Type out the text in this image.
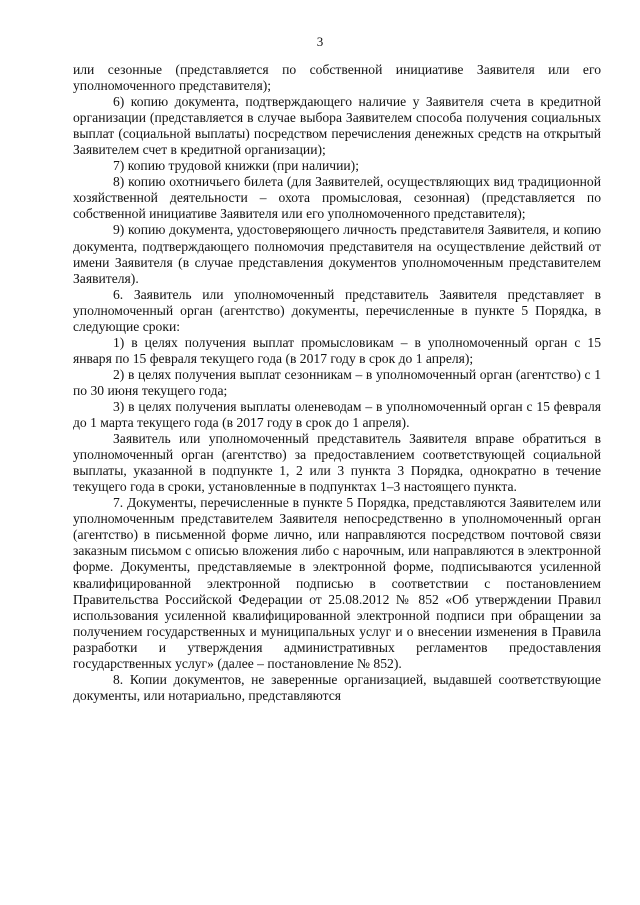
3

или сезонные (представляется по собственной инициативе Заявителя или его уполномоченного представителя);

6) копию документа, подтверждающего наличие у Заявителя счета в кредитной организации (представляется в случае выбора Заявителем способа получения социальных выплат (социальной выплаты) посредством перечисления денежных средств на открытый Заявителем счет в кредитной организации);

7) копию трудовой книжки (при наличии);

8) копию охотничьего билета (для Заявителей, осуществляющих вид традиционной хозяйственной деятельности – охота промысловая, сезонная) (представляется по собственной инициативе Заявителя или его уполномоченного представителя);

9) копию документа, удостоверяющего личность представителя Заявителя, и копию документа, подтверждающего полномочия представителя на осуществление действий от имени Заявителя (в случае представления документов уполномоченным представителем Заявителя).

6. Заявитель или уполномоченный представитель Заявителя представляет в уполномоченный орган (агентство) документы, перечисленные в пункте 5 Порядка, в следующие сроки:

1) в целях получения выплат промысловикам – в уполномоченный орган с 15 января по 15 февраля текущего года (в 2017 году в срок до 1 апреля);

2) в целях получения выплат сезонникам – в уполномоченный орган (агентство) с 1 по 30 июня текущего года;

3) в целях получения выплаты оленеводам – в уполномоченный орган с 15 февраля до 1 марта текущего года (в 2017 году в срок до 1 апреля).

Заявитель или уполномоченный представитель Заявителя вправе обратиться в уполномоченный орган (агентство) за предоставлением соответствующей социальной выплаты, указанной в подпункте 1, 2 или 3 пункта 3 Порядка, однократно в течение текущего года в сроки, установленные в подпунктах 1–3 настоящего пункта.

7. Документы, перечисленные в пункте 5 Порядка, представляются Заявителем или уполномоченным представителем Заявителя непосредственно в уполномоченный орган (агентство) в письменной форме лично, или направляются посредством почтовой связи заказным письмом с описью вложения либо с нарочным, или направляются в электронной форме. Документы, представляемые в электронной форме, подписываются усиленной квалифицированной электронной подписью в соответствии с постановлением Правительства Российской Федерации от 25.08.2012 № 852 «Об утверждении Правил использования усиленной квалифицированной электронной подписи при обращении за получением государственных и муниципальных услуг и о внесении изменения в Правила разработки и утверждения административных регламентов предоставления государственных услуг» (далее – постановление № 852).

8. Копии документов, не заверенные организацией, выдавшей соответствующие документы, или нотариально, представляются
